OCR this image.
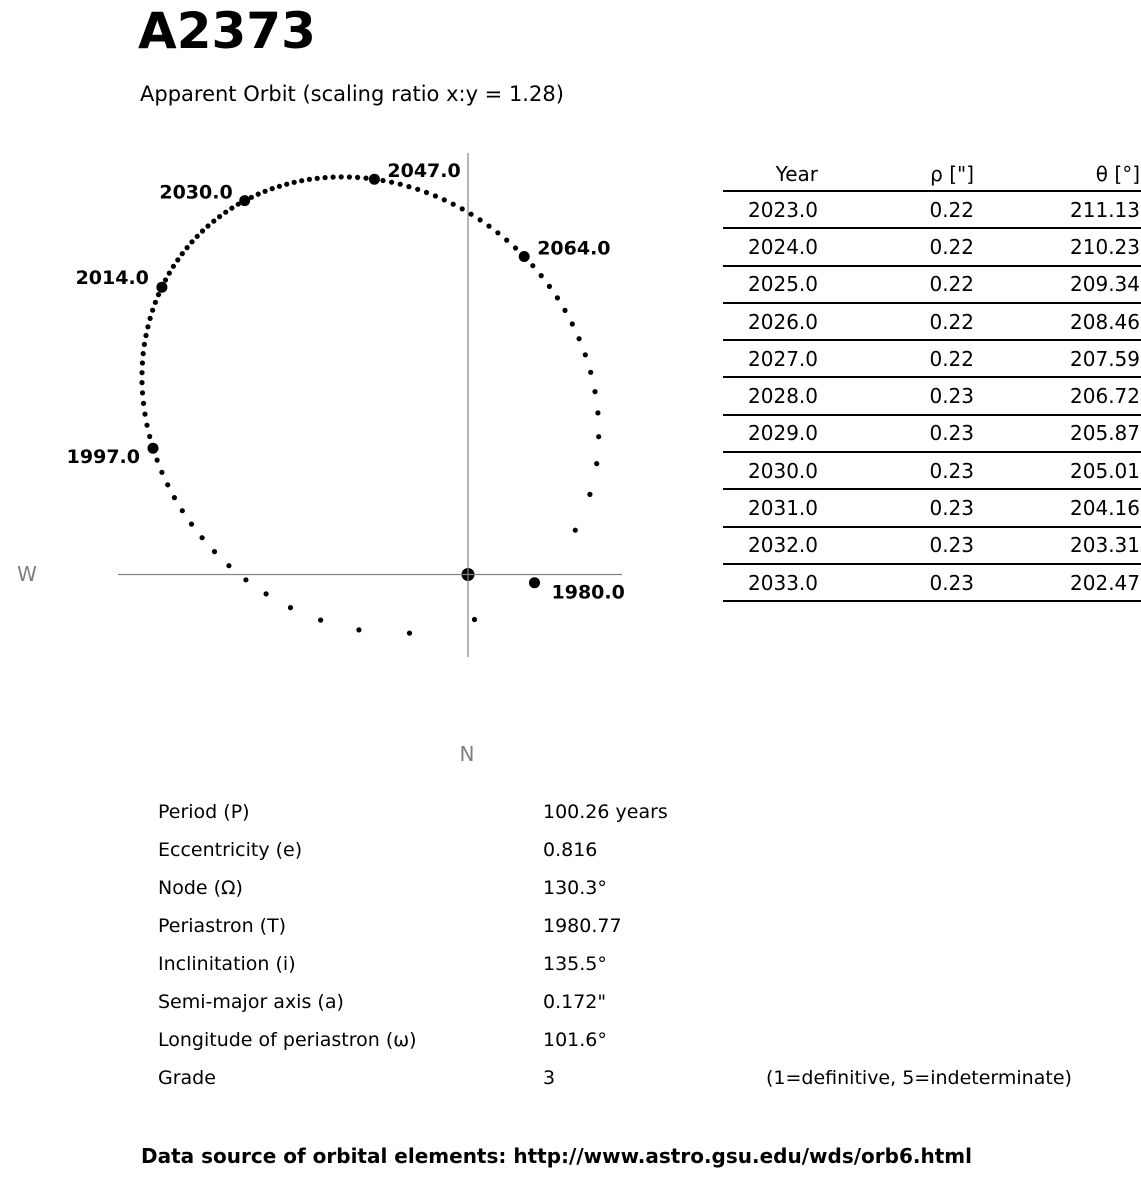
A2373
Apparent Orbit (scaling ratio x:y = 1.28)
W
N
1980.0
1997.0
2014.0
2030.0
2047.0
2064.0
Year	ρ ["]	θ [°]
2023.0	0.22	211.13
2024.0	0.22	210.23
2025.0	0.22	209.34
2026.0	0.22	208.46
2027.0	0.22	207.59
2028.0	0.23	206.72
2029.0	0.23	205.87
2030.0	0.23	205.01
2031.0	0.23	204.16
2032.0	0.23	203.31
2033.0	0.23	202.47
Period (P)	100.26 years
Eccentricity (e)	0.816
Node (Ω)	130.3°
Periastron (T)	1980.77
Inclinitation (i)	135.5°
Semi-major axis (a)	0.172"
Longitude of periastron (ω)	101.6°
Grade	3	(1=definitive, 5=indeterminate)
Data source of orbital elements: http://www.astro.gsu.edu/wds/orb6.html
